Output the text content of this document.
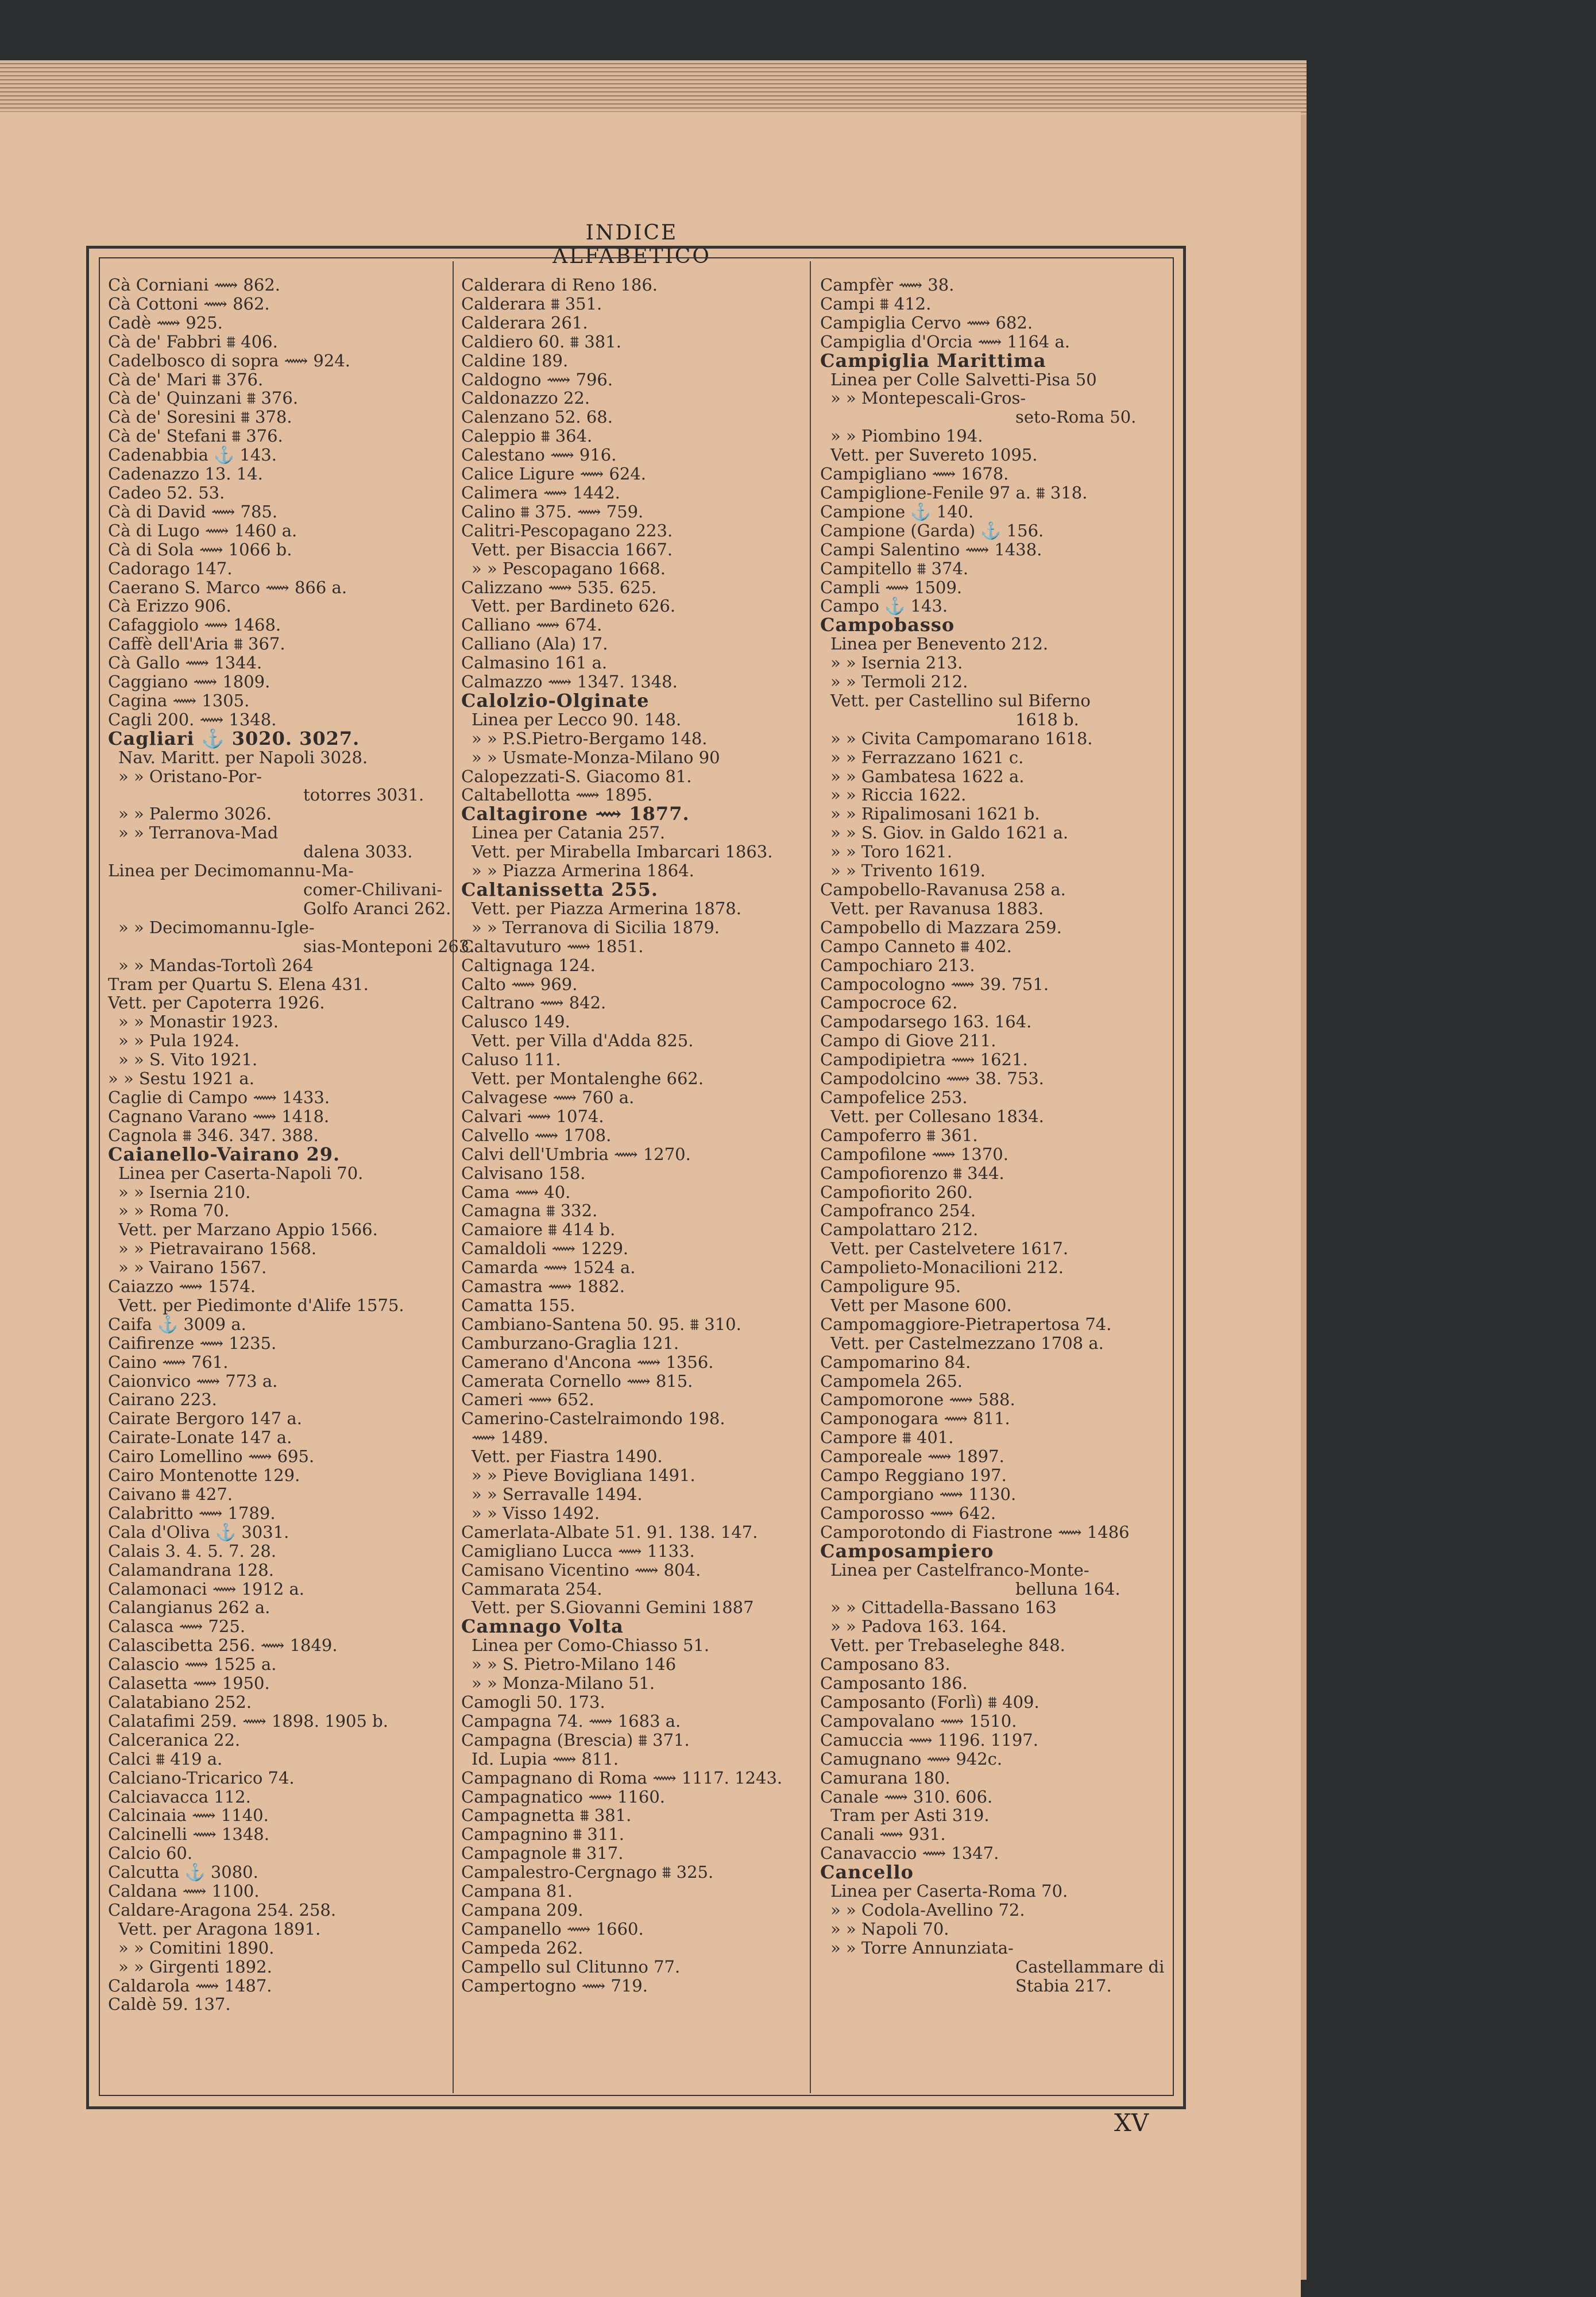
INDICE ALFABETICO
Cà Corniani ⟿ 862.
Cà Cottoni ⟿ 862.
Cadè ⟿ 925.
Cà de' Fabbri ⩩ 406.
Cadelbosco di sopra ⟿ 924.
Cà de' Mari ⩩ 376.
Cà de' Quinzani ⩩ 376.
Cà de' Soresini ⩩ 378.
Cà de' Stefani ⩩ 376.
Cadenabbia ⚓ 143.
Cadenazzo 13. 14.
Cadeo 52. 53.
Cà di David ⟿ 785.
Cà di Lugo ⟿ 1460 a.
Cà di Sola ⟿ 1066 b.
Cadorago 147.
Caerano S. Marco ⟿ 866 a.
Cà Erizzo 906.
Cafaggiolo ⟿ 1468.
Caffè dell'Aria ⩩ 367.
Cà Gallo ⟿ 1344.
Caggiano ⟿ 1809.
Cagina ⟿ 1305.
Cagli 200. ⟿ 1348.
Cagliari ⚓ 3020. 3027.
Nav. Maritt. per Napoli 3028.
» » Oristano-Por-
totorres 3031.
» » Palermo 3026.
» » Terranova-Mad
dalena 3033.
Linea per Decimomannu-Ma-
comer-Chilivani-
Golfo Aranci 262.
» » Decimomannu-Igle-
sias-Monteponi 263.
» » Mandas-Tortolì 264
Tram per Quartu S. Elena 431.
Vett. per Capoterra 1926.
» » Monastir 1923.
» » Pula 1924.
» » S. Vito 1921.
» » Sestu 1921 a.
Caglie di Campo ⟿ 1433.
Cagnano Varano ⟿ 1418.
Cagnola ⩩ 346. 347. 388.
Caianello-Vairano 29.
Linea per Caserta-Napoli 70.
» » Isernia 210.
» » Roma 70.
Vett. per Marzano Appio 1566.
» » Pietravairano 1568.
» » Vairano 1567.
Caiazzo ⟿ 1574.
Vett. per Piedimonte d'Alife 1575.
Caifa ⚓ 3009 a.
Caifirenze ⟿ 1235.
Caino ⟿ 761.
Caionvico ⟿ 773 a.
Cairano 223.
Cairate Bergoro 147 a.
Cairate-Lonate 147 a.
Cairo Lomellino ⟿ 695.
Cairo Montenotte 129.
Caivano ⩩ 427.
Calabritto ⟿ 1789.
Cala d'Oliva ⚓ 3031.
Calais 3. 4. 5. 7. 28.
Calamandrana 128.
Calamonaci ⟿ 1912 a.
Calangianus 262 a.
Calasca ⟿ 725.
Calascibetta 256. ⟿ 1849.
Calascio ⟿ 1525 a.
Calasetta ⟿ 1950.
Calatabiano 252.
Calatafimi 259. ⟿ 1898. 1905 b.
Calceranica 22.
Calci ⩩ 419 a.
Calciano-Tricarico 74.
Calciavacca 112.
Calcinaia ⟿ 1140.
Calcinelli ⟿ 1348.
Calcio 60.
Calcutta ⚓ 3080.
Caldana ⟿ 1100.
Caldare-Aragona 254. 258.
Vett. per Aragona 1891.
» » Comitini 1890.
» » Girgenti 1892.
Caldarola ⟿ 1487.
Caldè 59. 137.
Calderara di Reno 186.
Calderara ⩩ 351.
Calderara 261.
Caldiero 60. ⩩ 381.
Caldine 189.
Caldogno ⟿ 796.
Caldonazzo 22.
Calenzano 52. 68.
Caleppio ⩩ 364.
Calestano ⟿ 916.
Calice Ligure ⟿ 624.
Calimera ⟿ 1442.
Calino ⩩ 375. ⟿ 759.
Calitri-Pescopagano 223.
Vett. per Bisaccia 1667.
» » Pescopagano 1668.
Calizzano ⟿ 535. 625.
Vett. per Bardineto 626.
Calliano ⟿ 674.
Calliano (Ala) 17.
Calmasino 161 a.
Calmazzo ⟿ 1347. 1348.
Calolzio-Olginate
Linea per Lecco 90. 148.
» » P.S.Pietro-Bergamo 148.
» » Usmate-Monza-Milano 90
Calopezzati-S. Giacomo 81.
Caltabellotta ⟿ 1895.
Caltagirone ⟿ 1877.
Linea per Catania 257.
Vett. per Mirabella Imbarcari 1863.
» » Piazza Armerina 1864.
Caltanissetta 255.
Vett. per Piazza Armerina 1878.
» » Terranova di Sicilia 1879.
Caltavuturo ⟿ 1851.
Caltignaga 124.
Calto ⟿ 969.
Caltrano ⟿ 842.
Calusco 149.
Vett. per Villa d'Adda 825.
Caluso 111.
Vett. per Montalenghe 662.
Calvagese ⟿ 760 a.
Calvari ⟿ 1074.
Calvello ⟿ 1708.
Calvi dell'Umbria ⟿ 1270.
Calvisano 158.
Cama ⟿ 40.
Camagna ⩩ 332.
Camaiore ⩩ 414 b.
Camaldoli ⟿ 1229.
Camarda ⟿ 1524 a.
Camastra ⟿ 1882.
Camatta 155.
Cambiano-Santena 50. 95. ⩩ 310.
Camburzano-Graglia 121.
Camerano d'Ancona ⟿ 1356.
Camerata Cornello ⟿ 815.
Cameri ⟿ 652.
Camerino-Castelraimondo 198.
⟿ 1489.
Vett. per Fiastra 1490.
» » Pieve Bovigliana 1491.
» » Serravalle 1494.
» » Visso 1492.
Camerlata-Albate 51. 91. 138. 147.
Camigliano Lucca ⟿ 1133.
Camisano Vicentino ⟿ 804.
Cammarata 254.
Vett. per S.Giovanni Gemini 1887
Camnago Volta
Linea per Como-Chiasso 51.
» » S. Pietro-Milano 146
» » Monza-Milano 51.
Camogli 50. 173.
Campagna 74. ⟿ 1683 a.
Campagna (Brescia) ⩩ 371.
Id. Lupia ⟿ 811.
Campagnano di Roma ⟿ 1117. 1243.
Campagnatico ⟿ 1160.
Campagnetta ⩩ 381.
Campagnino ⩩ 311.
Campagnole ⩩ 317.
Campalestro-Cergnago ⩩ 325.
Campana 81.
Campana 209.
Campanello ⟿ 1660.
Campeda 262.
Campello sul Clitunno 77.
Campertogno ⟿ 719.
Campfèr ⟿ 38.
Campi ⩩ 412.
Campiglia Cervo ⟿ 682.
Campiglia d'Orcia ⟿ 1164 a.
Campiglia Marittima
Linea per Colle Salvetti-Pisa 50
» » Montepescali-Gros-
seto-Roma 50.
» » Piombino 194.
Vett. per Suvereto 1095.
Campigliano ⟿ 1678.
Campiglione-Fenile 97 a. ⩩ 318.
Campione ⚓ 140.
Campione (Garda) ⚓ 156.
Campi Salentino ⟿ 1438.
Campitello ⩩ 374.
Campli ⟿ 1509.
Campo ⚓ 143.
Campobasso
Linea per Benevento 212.
» » Isernia 213.
» » Termoli 212.
Vett. per Castellino sul Biferno
1618 b.
» » Civita Campomarano 1618.
» » Ferrazzano 1621 c.
» » Gambatesa 1622 a.
» » Riccia 1622.
» » Ripalimosani 1621 b.
» » S. Giov. in Galdo 1621 a.
» » Toro 1621.
» » Trivento 1619.
Campobello-Ravanusa 258 a.
Vett. per Ravanusa 1883.
Campobello di Mazzara 259.
Campo Canneto ⩩ 402.
Campochiaro 213.
Campocologno ⟿ 39. 751.
Campocroce 62.
Campodarsego 163. 164.
Campo di Giove 211.
Campodipietra ⟿ 1621.
Campodolcino ⟿ 38. 753.
Campofelice 253.
Vett. per Collesano 1834.
Campoferro ⩩ 361.
Campofilone ⟿ 1370.
Campofiorenzo ⩩ 344.
Campofiorito 260.
Campofranco 254.
Campolattaro 212.
Vett. per Castelvetere 1617.
Campolieto-Monacilioni 212.
Campoligure 95.
Vett per Masone 600.
Campomaggiore-Pietrapertosa 74.
Vett. per Castelmezzano 1708 a.
Campomarino 84.
Campomela 265.
Campomorone ⟿ 588.
Camponogara ⟿ 811.
Campore ⩩ 401.
Camporeale ⟿ 1897.
Campo Reggiano 197.
Camporgiano ⟿ 1130.
Camporosso ⟿ 642.
Camporotondo di Fiastrone ⟿ 1486
Camposampiero
Linea per Castelfranco-Monte-
belluna 164.
» » Cittadella-Bassano 163
» » Padova 163. 164.
Vett. per Trebaseleghe 848.
Camposano 83.
Camposanto 186.
Camposanto (Forlì) ⩩ 409.
Campovalano ⟿ 1510.
Camuccia ⟿ 1196. 1197.
Camugnano ⟿ 942c.
Camurana 180.
Canale ⟿ 310. 606.
Tram per Asti 319.
Canali ⟿ 931.
Canavaccio ⟿ 1347.
Cancello
Linea per Caserta-Roma 70.
» » Codola-Avellino 72.
» » Napoli 70.
» » Torre Annunziata-
Castellammare di
Stabia 217.
XV
